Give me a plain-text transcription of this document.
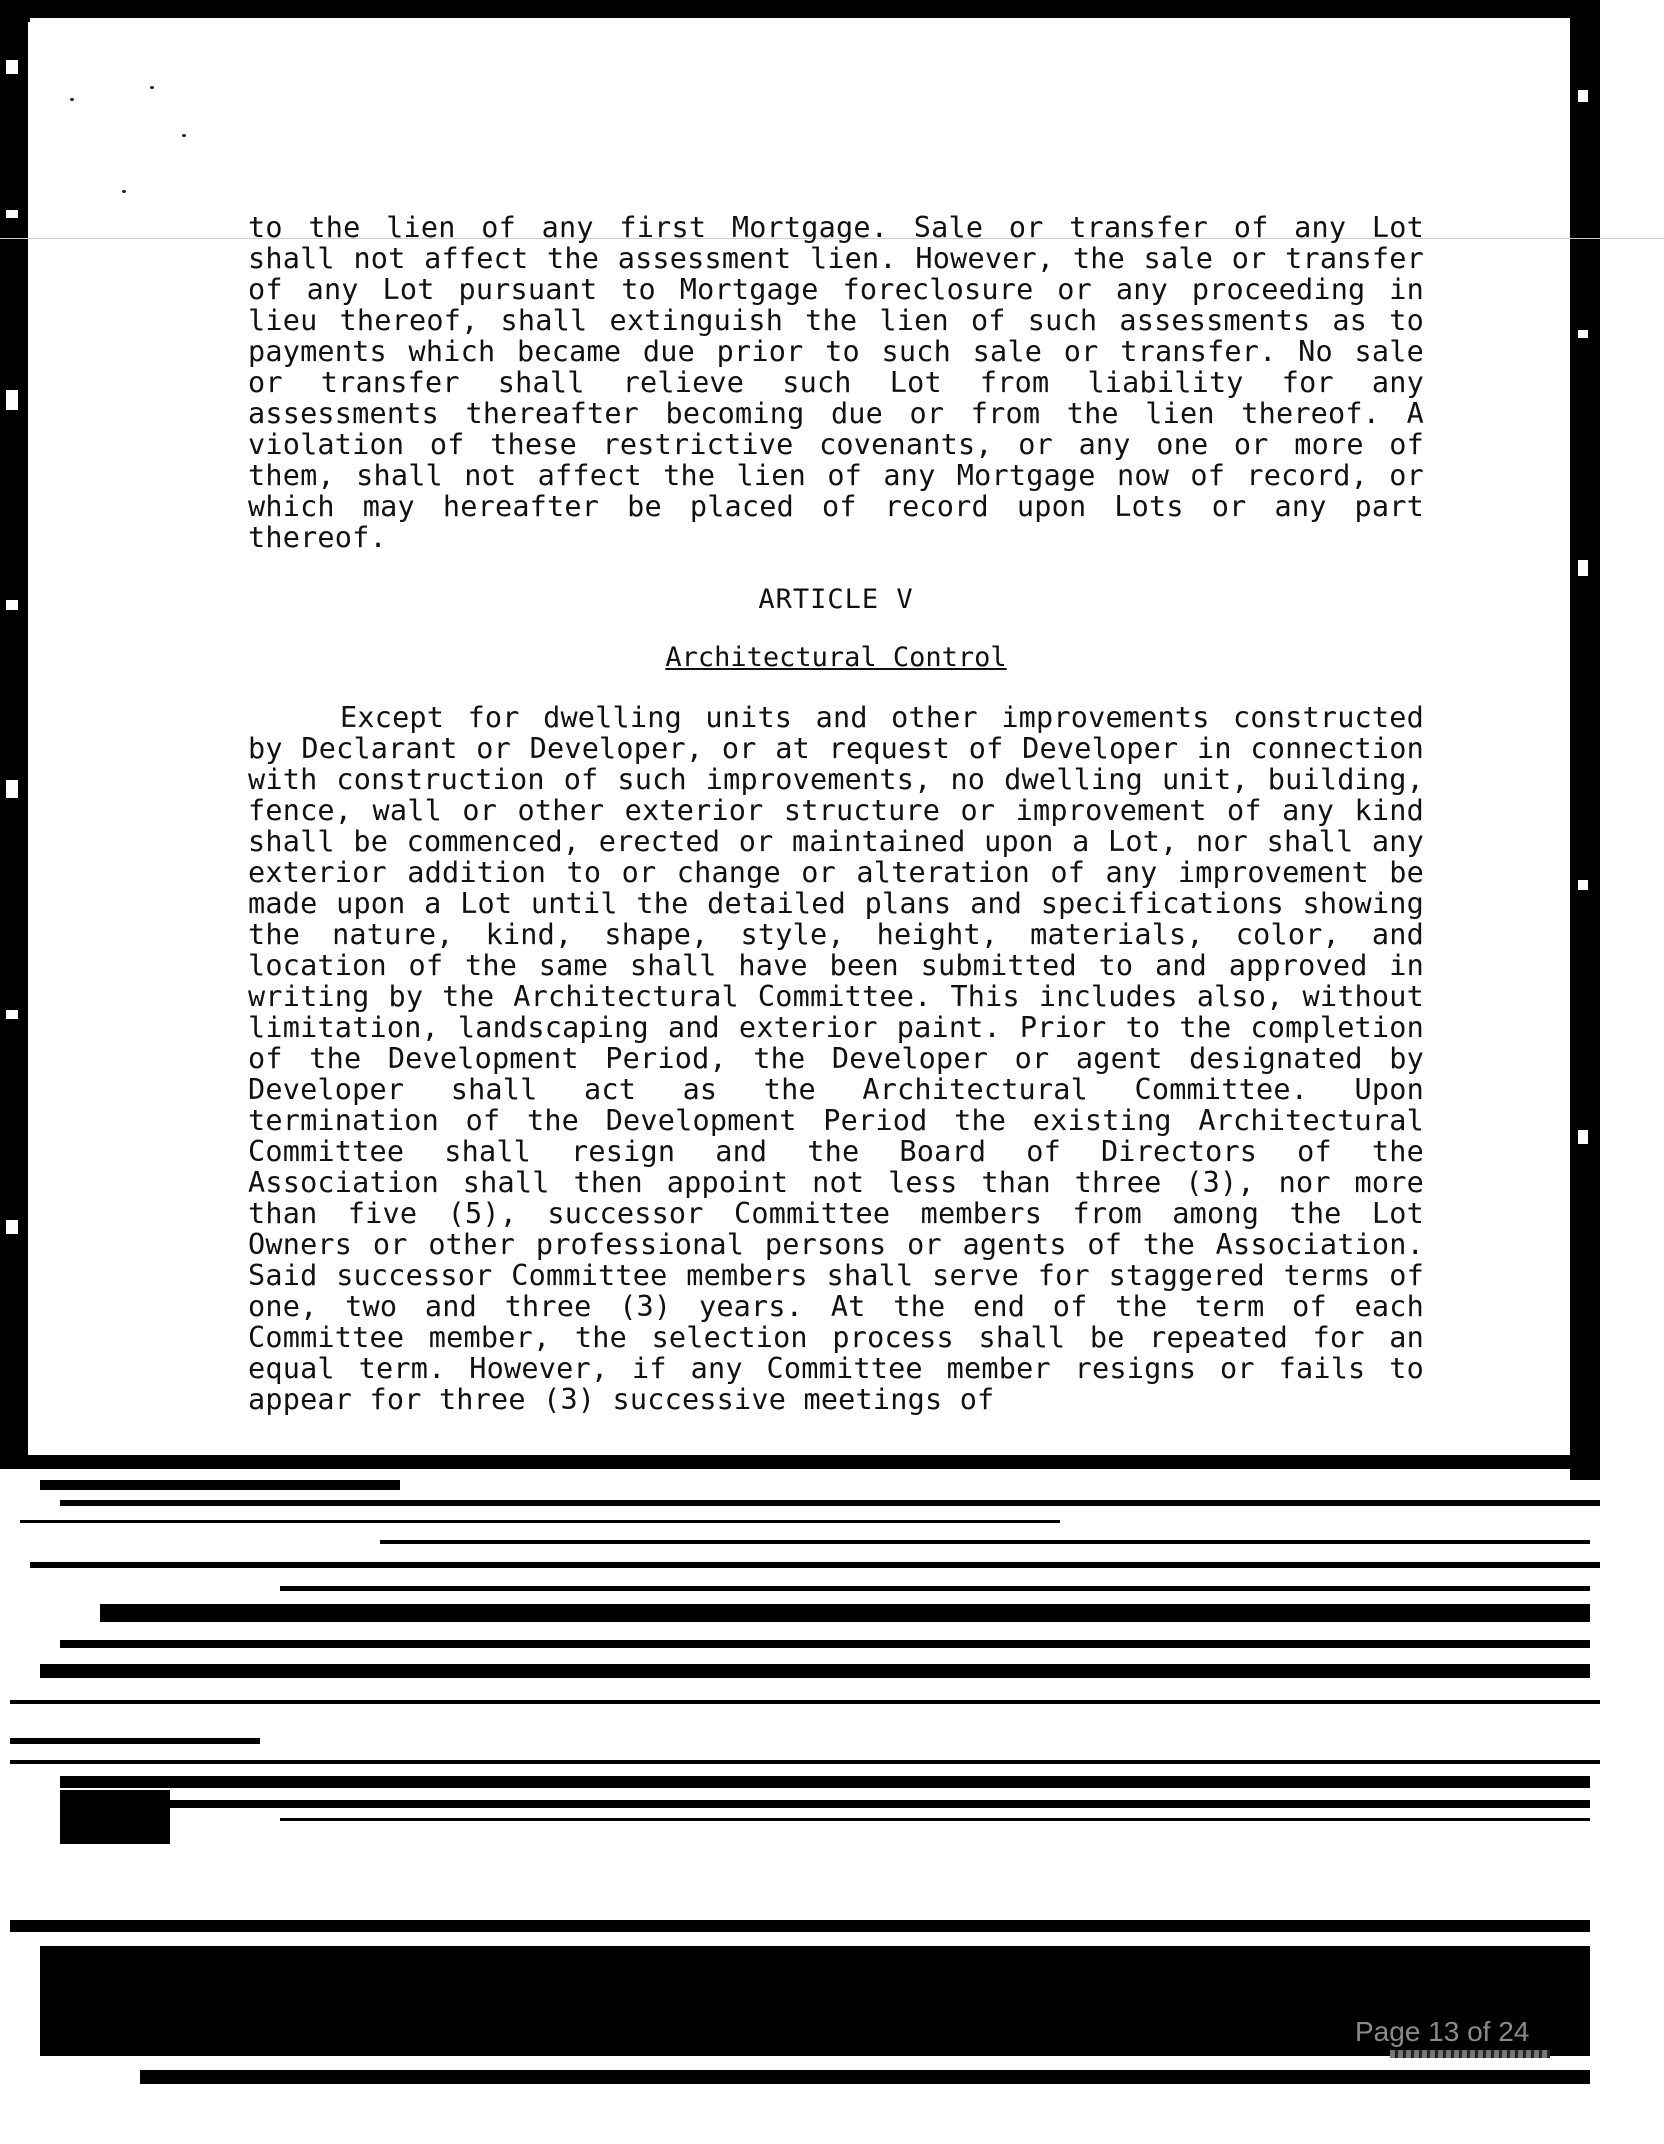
to the lien of any first Mortgage. Sale or transfer of any Lot shall not affect the assessment lien. However, the sale or transfer of any Lot pursuant to Mortgage foreclosure or any proceeding in lieu thereof, shall extinguish the lien of such assessments as to payments which became due prior to such sale or transfer. No sale or transfer shall relieve such Lot from liability for any assessments thereafter becoming due or from the lien thereof. A violation of these restrictive covenants, or any one or more of them, shall not affect the lien of any Mortgage now of record, or which may hereafter be placed of record upon Lots or any part thereof.

ARTICLE V

Architectural Control

Except for dwelling units and other improvements constructed by Declarant or Developer, or at request of Developer in connection with construction of such improvements, no dwelling unit, building, fence, wall or other exterior structure or improvement of any kind shall be commenced, erected or maintained upon a Lot, nor shall any exterior addition to or change or alteration of any improvement be made upon a Lot until the detailed plans and specifications showing the nature, kind, shape, style, height, materials, color, and location of the same shall have been submitted to and approved in writing by the Architectural Committee. This includes also, without limitation, landscaping and exterior paint. Prior to the completion of the Development Period, the Developer or agent designated by Developer shall act as the Architectural Committee. Upon termination of the Development Period the existing Architectural Committee shall resign and the Board of Directors of the Association shall then appoint not less than three (3), nor more than five (5), successor Committee members from among the Lot Owners or other professional persons or agents of the Association. Said successor Committee members shall serve for staggered terms of one, two and three (3) years. At the end of the term of each Committee member, the selection process shall be repeated for an equal term. However, if any Committee member resigns or fails to appear for three (3) successive meetings of

Page 13 of 24
